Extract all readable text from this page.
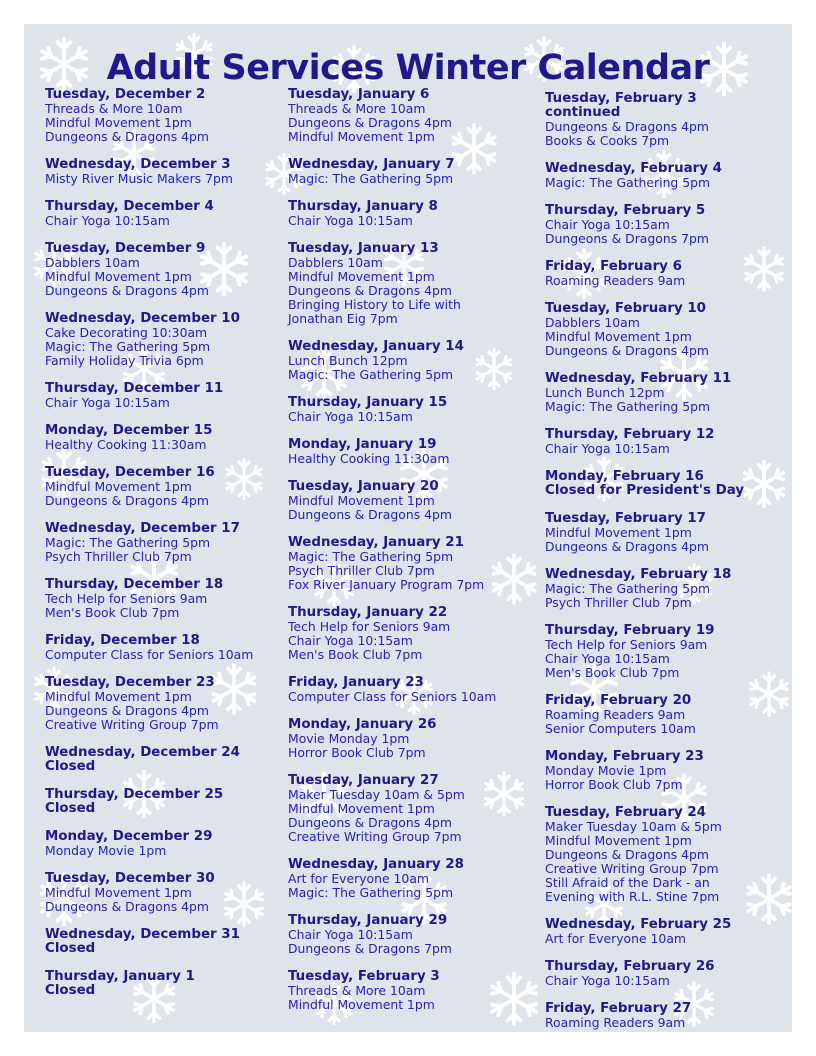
Adult Services Winter Calendar
Tuesday, December 2
Threads & More 10am
Mindful Movement 1pm
Dungeons & Dragons 4pm
Wednesday, December 3
Misty River Music Makers 7pm
Thursday, December 4
Chair Yoga 10:15am
Tuesday, December 9
Dabblers 10am
Mindful Movement 1pm
Dungeons & Dragons 4pm
Wednesday, December 10
Cake Decorating 10:30am
Magic: The Gathering 5pm
Family Holiday Trivia 6pm
Thursday, December 11
Chair Yoga 10:15am
Monday, December 15
Healthy Cooking 11:30am
Tuesday, December 16
Mindful Movement 1pm
Dungeons & Dragons 4pm
Wednesday, December 17
Magic: The Gathering 5pm
Psych Thriller Club 7pm
Thursday, December 18
Tech Help for Seniors 9am
Men's Book Club 7pm
Friday, December 18
Computer Class for Seniors 10am
Tuesday, December 23
Mindful Movement 1pm
Dungeons & Dragons 4pm
Creative Writing Group 7pm
Wednesday, December 24
Closed
Thursday, December 25
Closed
Monday, December 29
Monday Movie 1pm
Tuesday, December 30
Mindful Movement 1pm
Dungeons & Dragons 4pm
Wednesday, December 31
Closed
Thursday, January 1
Closed
Tuesday, January 6
Threads & More 10am
Dungeons & Dragons 4pm
Mindful Movement 1pm
Wednesday, January 7
Magic: The Gathering 5pm
Thursday, January 8
Chair Yoga 10:15am
Tuesday, January 13
Dabblers 10am
Mindful Movement 1pm
Dungeons & Dragons 4pm
Bringing History to Life with
Jonathan Eig 7pm
Wednesday, January 14
Lunch Bunch 12pm
Magic: The Gathering 5pm
Thursday, January 15
Chair Yoga 10:15am
Monday, January 19
Healthy Cooking 11:30am
Tuesday, January 20
Mindful Movement 1pm
Dungeons & Dragons 4pm
Wednesday, January 21
Magic: The Gathering 5pm
Psych Thriller Club 7pm
Fox River January Program 7pm
Thursday, January 22
Tech Help for Seniors 9am
Chair Yoga 10:15am
Men's Book Club 7pm
Friday, January 23
Computer Class for Seniors 10am
Monday, January 26
Movie Monday 1pm
Horror Book Club 7pm
Tuesday, January 27
Maker Tuesday 10am & 5pm
Mindful Movement 1pm
Dungeons & Dragons 4pm
Creative Writing Group 7pm
Wednesday, January 28
Art for Everyone 10am
Magic: The Gathering 5pm
Thursday, January 29
Chair Yoga 10:15am
Dungeons & Dragons 7pm
Tuesday, February 3
Threads & More 10am
Mindful Movement 1pm
Tuesday, February 3
continued
Dungeons & Dragons 4pm
Books & Cooks 7pm
Wednesday, February 4
Magic: The Gathering 5pm
Thursday, February 5
Chair Yoga 10:15am
Dungeons & Dragons 7pm
Friday, February 6
Roaming Readers 9am
Tuesday, February 10
Dabblers 10am
Mindful Movement 1pm
Dungeons & Dragons 4pm
Wednesday, February 11
Lunch Bunch 12pm
Magic: The Gathering 5pm
Thursday, February 12
Chair Yoga 10:15am
Monday, February 16
Closed for President's Day
Tuesday, February 17
Mindful Movement 1pm
Dungeons & Dragons 4pm
Wednesday, February 18
Magic: The Gathering 5pm
Psych Thriller Club 7pm
Thursday, February 19
Tech Help for Seniors 9am
Chair Yoga 10:15am
Men's Book Club 7pm
Friday, February 20
Roaming Readers 9am
Senior Computers 10am
Monday, February 23
Monday Movie 1pm
Horror Book Club 7pm
Tuesday, February 24
Maker Tuesday 10am & 5pm
Mindful Movement 1pm
Dungeons & Dragons 4pm
Creative Writing Group 7pm
Still Afraid of the Dark - an
Evening with R.L. Stine 7pm
Wednesday, February 25
Art for Everyone 10am
Thursday, February 26
Chair Yoga 10:15am
Friday, February 27
Roaming Readers 9am
